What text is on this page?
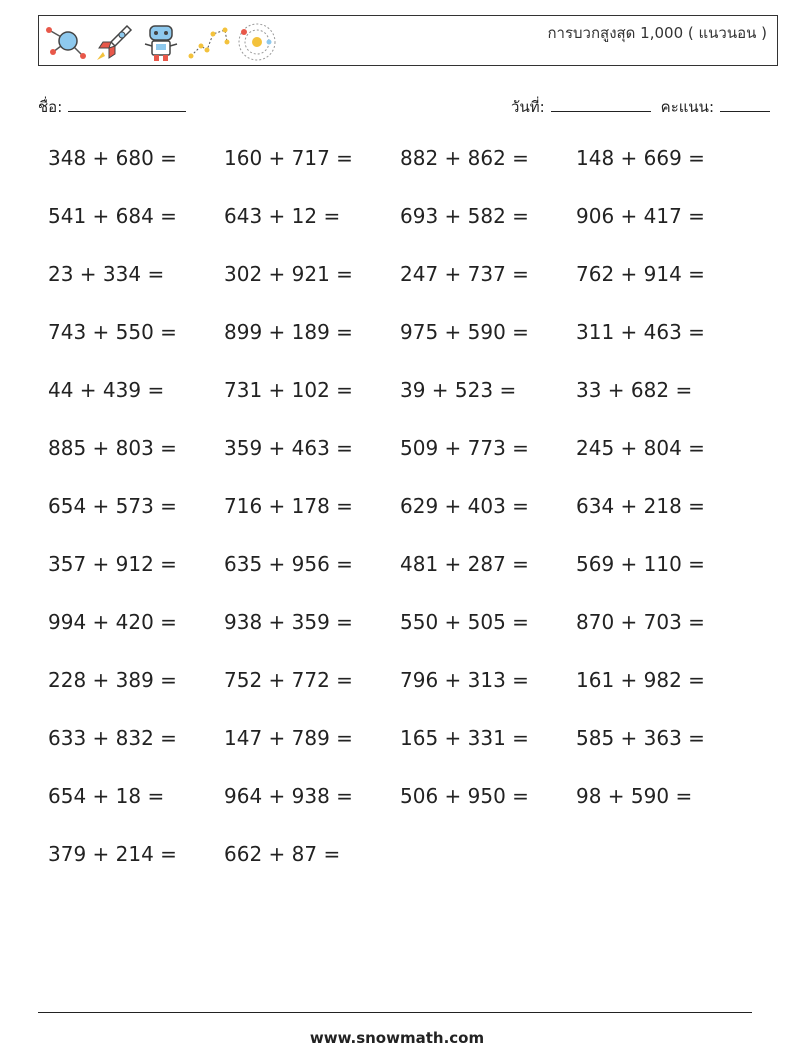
การบวกสูงสุด 1,000 ( แนวนอน )
ชื่อ:	วันที่:	คะแนน:
348 + 680 = 160 + 717 = 882 + 862 = 148 + 669 =
541 + 684 = 643 + 12 =	693 + 582 = 906 + 417 =
23 + 334 =	302 + 921 = 247 + 737 = 762 + 914 =
743 + 550 = 899 + 189 = 975 + 590 = 311 + 463 =
44 + 439 =	731 + 102 = 39 + 523 =	33 + 682 =
885 + 803 = 359 + 463 = 509 + 773 = 245 + 804 =
654 + 573 = 716 + 178 = 629 + 403 = 634 + 218 =
357 + 912 = 635 + 956 = 481 + 287 = 569 + 110 =
994 + 420 = 938 + 359 = 550 + 505 = 870 + 703 =
228 + 389 = 752 + 772 = 796 + 313 = 161 + 982 =
633 + 832 = 147 + 789 = 165 + 331 = 585 + 363 =
654 + 18 =	964 + 938 = 506 + 950 = 98 + 590 =
379 + 214 = 662 + 87 =
www.snowmath.com
